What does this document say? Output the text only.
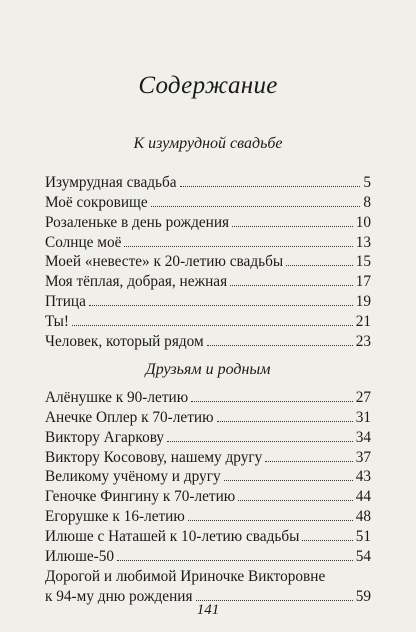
Содержание
К изумрудной свадьбе
Изумрудная свадьба	5
Моё сокровище	8
Розаленьке в день рождения	10
Солнце моё	13
Моей «невесте» к 20-летию свадьбы	15
Моя тёплая, добрая, нежная	17
Птица	19
Ты!	21
Человек, который рядом	23
Друзьям и родным
Алёнушке к 90-летию	27
Анечке Оплер к 70-летию	31
Виктору Агаркову	34
Виктору Косовову, нашему другу	37
Великому учёному и другу	43
Геночке Фингину к 70-летию	44
Егорушке к 16-летию	48
Илюше с Наташей к 10-летию свадьбы	51
Илюше-50	54
Дорогой и любимой Ириночке Викторовне
к 94-му дню рождения	59
141
